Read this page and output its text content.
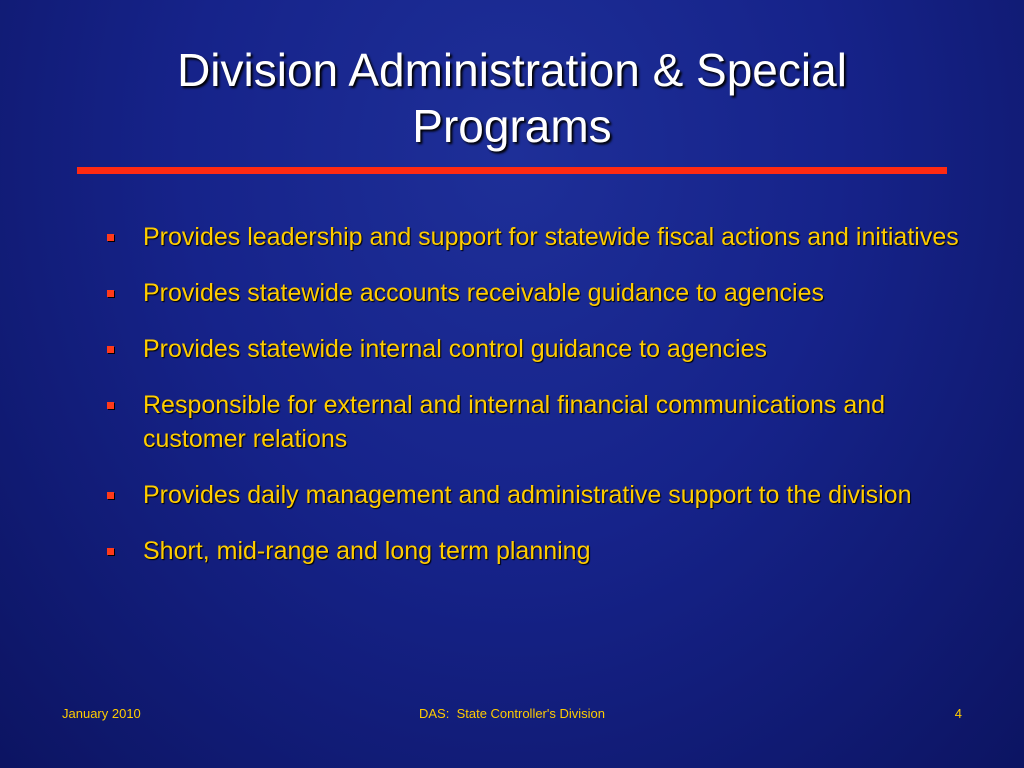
Division Administration & Special
Programs
Provides leadership and support for statewide fiscal actions and initiatives
Provides statewide accounts receivable guidance to agencies
Provides statewide internal control guidance to agencies
Responsible for external and internal financial communications and customer relations
Provides daily management and administrative support to the division
Short, mid-range and long term planning
January 2010	DAS:  State Controller's Division	4
